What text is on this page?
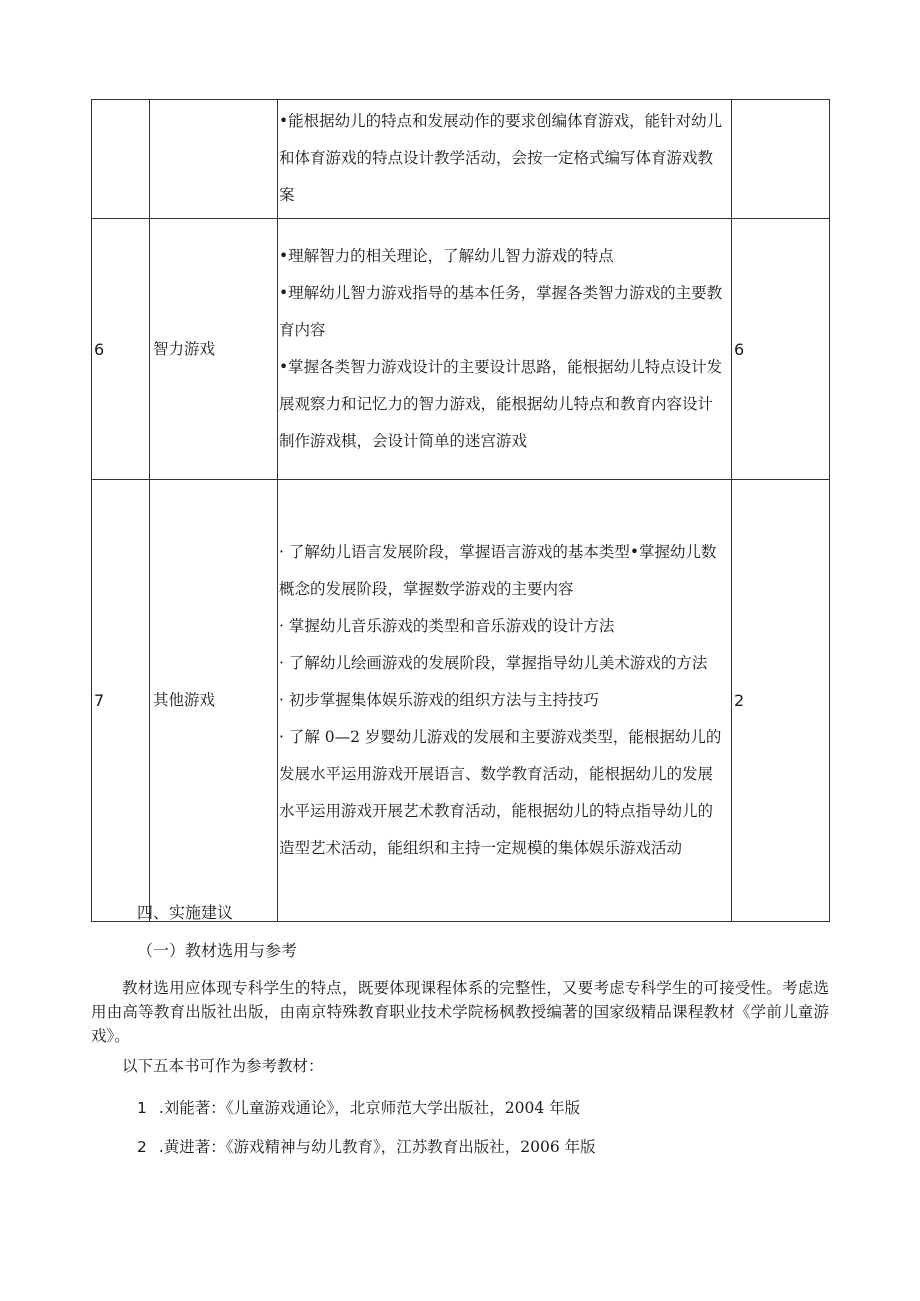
		•能根据幼儿的特点和发展动作的要求创编体育游戏，能针对幼儿和体育游戏的特点设计教学活动，会按一定格式编写体育游戏教案	

6	智力游戏	•理解智力的相关理论，了解幼儿智力游戏的特点
•理解幼儿智力游戏指导的基本任务，掌握各类智力游戏的主要教育内容
•掌握各类智力游戏设计的主要设计思路，能根据幼儿特点设计发展观察力和记忆力的智力游戏，能根据幼儿特点和教育内容设计制作游戏棋，会设计简单的迷宫游戏	6
7	其他游戏	· 了解幼儿语言发展阶段，掌握语言游戏的基本类型•掌握幼儿数概念的发展阶段，掌握数学游戏的主要内容
· 掌握幼儿音乐游戏的类型和音乐游戏的设计方法
· 了解幼儿绘画游戏的发展阶段，掌握指导幼儿美术游戏的方法
· 初步掌握集体娱乐游戏的组织方法与主持技巧
· 了解 0—2 岁婴幼儿游戏的发展和主要游戏类型，能根据幼儿的发展水平运用游戏开展语言、数学教育活动，能根据幼儿的发展水平运用游戏开展艺术教育活动，能根据幼儿的特点指导幼儿的造型艺术活动，能组织和主持一定规模的集体娱乐游戏活动	2
四、实施建议
（一）教材选用与参考
教材选用应体现专科学生的特点，既要体现课程体系的完整性，又要考虑专科学生的可接受性。考虑选用由高等教育出版社出版，由南京特殊教育职业技术学院杨枫教授编著的国家级精品课程教材《学前儿童游戏》。
以下五本书可作为参考教材：
1 .刘能著：《儿童游戏通论》，北京师范大学出版社，2004 年版
2 .黄进著：《游戏精神与幼儿教育》，江苏教育出版社，2006 年版
